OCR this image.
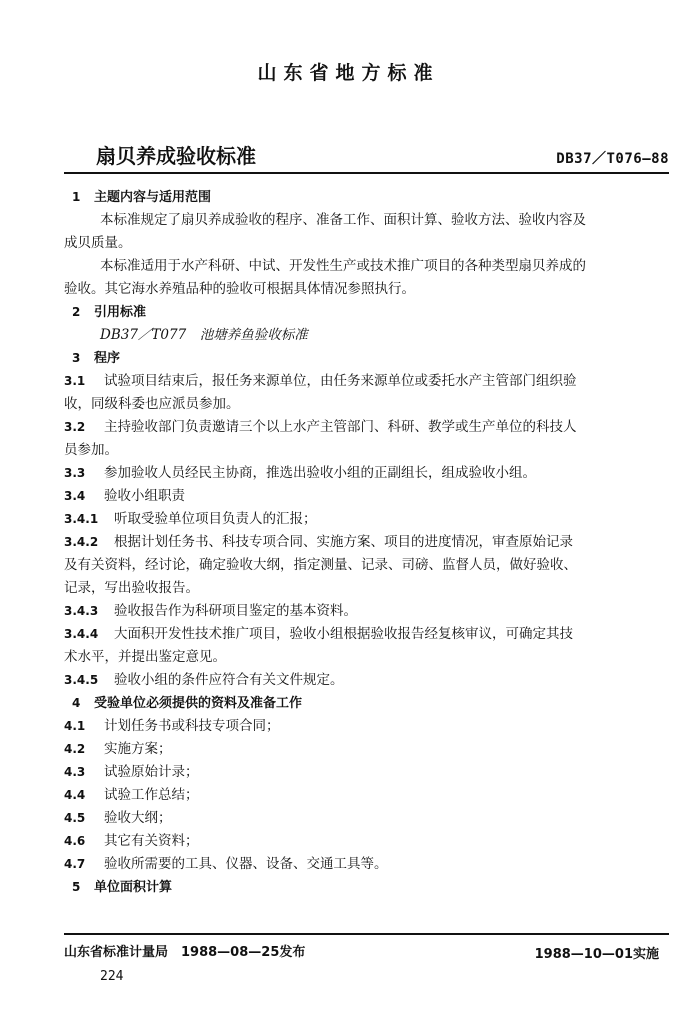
山东省地方标准
扇贝养成验收标准	DB37／T076—88
1 主题内容与适用范围
本标准规定了扇贝养成验收的程序、准备工作、面积计算、验收方法、验收内容及
成贝质量。
本标准适用于水产科研、中试、开发性生产或技术推广项目的各种类型扇贝养成的
验收。其它海水养殖品种的验收可根据具体情况参照执行。
2 引用标准
DB37／T077　池塘养鱼验收标准
3 程序
3.1 试验项目结束后，报任务来源单位，由任务来源单位或委托水产主管部门组织验
收，同级科委也应派员参加。
3.2 主持验收部门负责邀请三个以上水产主管部门、科研、教学或生产单位的科技人
员参加。
3.3 参加验收人员经民主协商，推选出验收小组的正副组长，组成验收小组。
3.4 验收小组职责
3.4.1 听取受验单位项目负责人的汇报；
3.4.2 根据计划任务书、科技专项合同、实施方案、项目的进度情况，审查原始记录
及有关资料，经讨论，确定验收大纲，指定测量、记录、司磅、监督人员，做好验收、
记录，写出验收报告。
3.4.3 验收报告作为科研项目鉴定的基本资料。
3.4.4 大面积开发性技术推广项目，验收小组根据验收报告经复核审议，可确定其技
术水平，并提出鉴定意见。
3.4.5 验收小组的条件应符合有关文件规定。
4 受验单位必须提供的资料及准备工作
4.1 计划任务书或科技专项合同；
4.2 实施方案；
4.3 试验原始计录；
4.4 试验工作总结；
4.5 验收大纲；
4.6 其它有关资料；
4.7 验收所需要的工具、仪器、设备、交通工具等。
5 单位面积计算
山东省标准计量局　1988—08—25发布	1988—10—01实施
224
